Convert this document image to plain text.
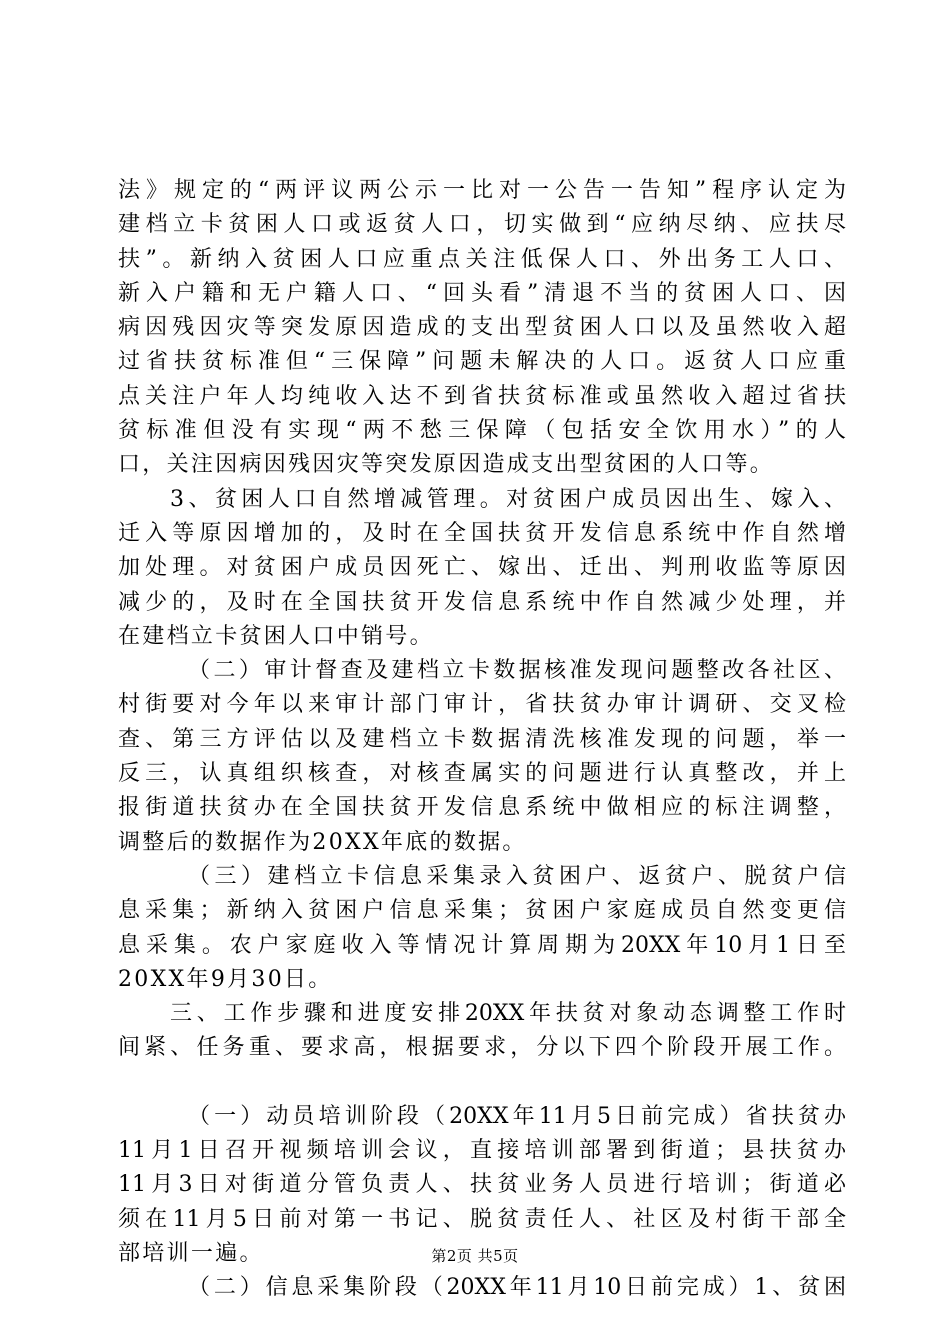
法》规定的“两评议两公示一比对一公告一告知”程序认定为
建档立卡贫困人口或返贫人口，切实做到“应纳尽纳、应扶尽
扶”。新纳入贫困人口应重点关注低保人口、外出务工人口、
新入户籍和无户籍人口、“回头看”清退不当的贫困人口、因
病因残因灾等突发原因造成的支出型贫困人口以及虽然收入超
过省扶贫标准但“三保障”问题未解决的人口。返贫人口应重
点关注户年人均纯收入达不到省扶贫标准或虽然收入超过省扶
贫标准但没有实现“两不愁三保障（包括安全饮用水）”的人
口，关注因病因残因灾等突发原因造成支出型贫困的人口等。
3、贫困人口自然增减管理。对贫困户成员因出生、嫁入、
迁入等原因增加的，及时在全国扶贫开发信息系统中作自然增
加处理。对贫困户成员因死亡、嫁出、迁出、判刑收监等原因
减少的，及时在全国扶贫开发信息系统中作自然减少处理，并
在建档立卡贫困人口中销号。
（二）审计督查及建档立卡数据核准发现问题整改各社区、
村街要对今年以来审计部门审计，省扶贫办审计调研、交叉检
查、第三方评估以及建档立卡数据清洗核准发现的问题，举一
反三，认真组织核查，对核查属实的问题进行认真整改，并上
报街道扶贫办在全国扶贫开发信息系统中做相应的标注调整，
调整后的数据作为20XX年底的数据。
（三）建档立卡信息采集录入贫困户、返贫户、脱贫户信
息采集；新纳入贫困户信息采集；贫困户家庭成员自然变更信
息采集。农户家庭收入等情况计算周期为20XX年10月1日至
20XX年9月30日。
三、工作步骤和进度安排20XX年扶贫对象动态调整工作时
间紧、任务重、要求高，根据要求，分以下四个阶段开展工作。
（一）动员培训阶段（20XX年11月5日前完成）省扶贫办
11月1日召开视频培训会议，直接培训部署到街道；县扶贫办
11月3日对街道分管负责人、扶贫业务人员进行培训；街道必
须在11月5日前对第一书记、脱贫责任人、社区及村街干部全
部培训一遍。
（二）信息采集阶段（20XX年11月10日前完成）1、贫困
第2页 共5页
